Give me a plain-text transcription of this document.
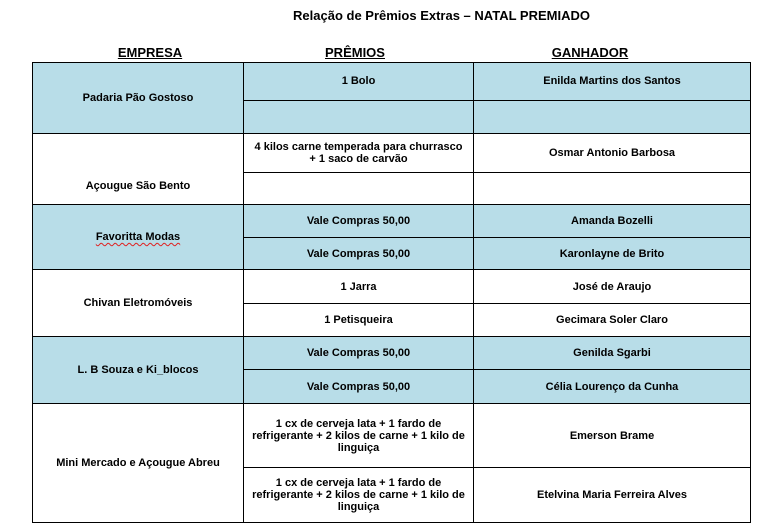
Relação de Prêmios Extras – NATAL PREMIADO
EMPRESA	PRÊMIOS	GANHADOR
Padaria Pão Gostoso	1 Bolo	Enilda Martins dos Santos

Açougue São Bento	4 kilos carne temperada para churrasco + 1 saco de carvão	Osmar Antonio Barbosa

Favoritta Modas	Vale Compras 50,00	Amanda Bozelli
	Vale Compras 50,00	Karonlayne de Brito
Chivan Eletromóveis	1 Jarra	José de Araujo
	1 Petisqueira	Gecimara Soler Claro
L. B Souza e Ki_blocos	Vale Compras 50,00	Genilda Sgarbi
	Vale Compras 50,00	Célia Lourenço da Cunha
Mini Mercado e Açougue Abreu	1 cx de cerveja lata + 1 fardo de refrigerante + 2 kilos de carne + 1 kilo de linguiça	Emerson Brame
	1 cx de cerveja lata + 1 fardo de refrigerante + 2 kilos de carne + 1 kilo de linguiça	Etelvina Maria Ferreira Alves
